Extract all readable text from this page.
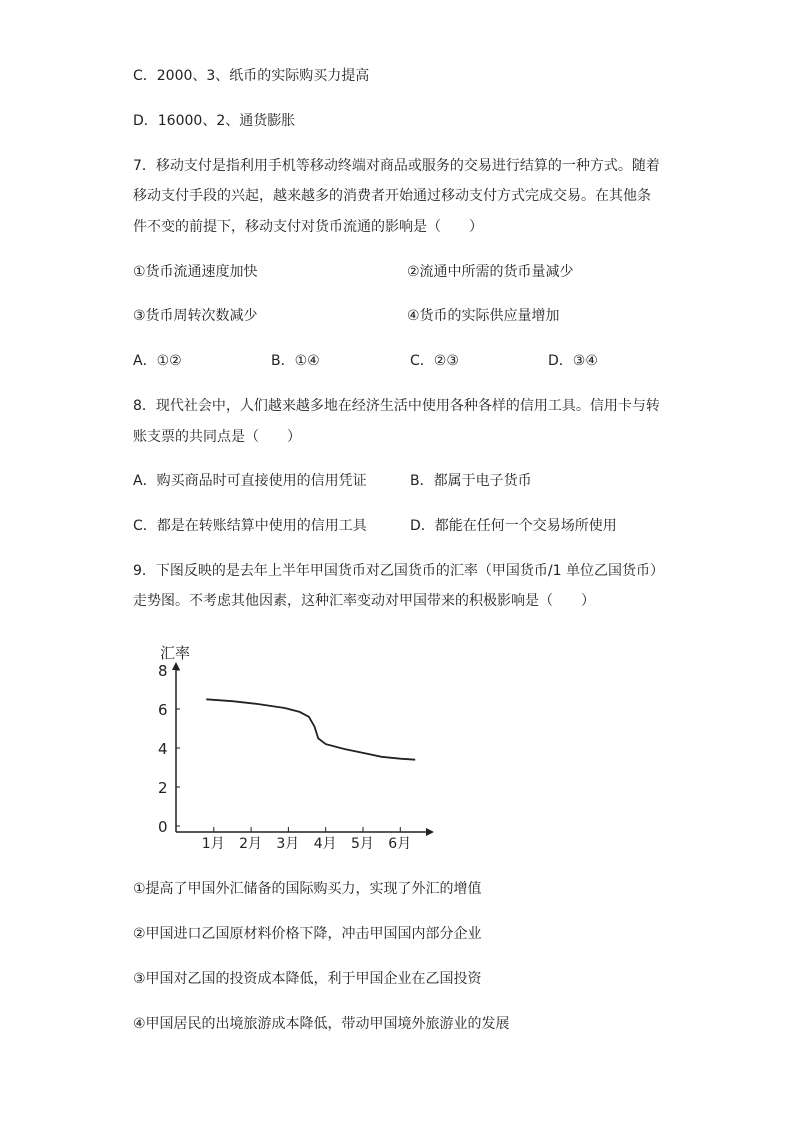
C．2000、3、纸币的实际购买力提高
D．16000、2、通货膨胀
7．移动支付是指利用手机等移动终端对商品或服务的交易进行结算的一种方式。随着
移动支付手段的兴起，越来越多的消费者开始通过移动支付方式完成交易。在其他条
件不变的前提下，移动支付对货币流通的影响是（　　）
①货币流通速度加快	②流通中所需的货币量减少
③货币周转次数减少	④货币的实际供应量增加
A．①②	B．①④	C．②③	D．③④
8．现代社会中，人们越来越多地在经济生活中使用各种各样的信用工具。信用卡与转
账支票的共同点是（　　）
A．购买商品时可直接使用的信用凭证	B．都属于电子货币
C．都是在转账结算中使用的信用工具	D．都能在任何一个交易场所使用
9．下图反映的是去年上半年甲国货币对乙国货币的汇率（甲国货币/1 单位乙国货币）
走势图。不考虑其他因素，这种汇率变动对甲国带来的积极影响是（　　）
汇率
0
2
4
6
8
1月 2月 3月 4月 5月 6月
①提高了甲国外汇储备的国际购买力，实现了外汇的增值
②甲国进口乙国原材料价格下降，冲击甲国国内部分企业
③甲国对乙国的投资成本降低，利于甲国企业在乙国投资
④甲国居民的出境旅游成本降低，带动甲国境外旅游业的发展
